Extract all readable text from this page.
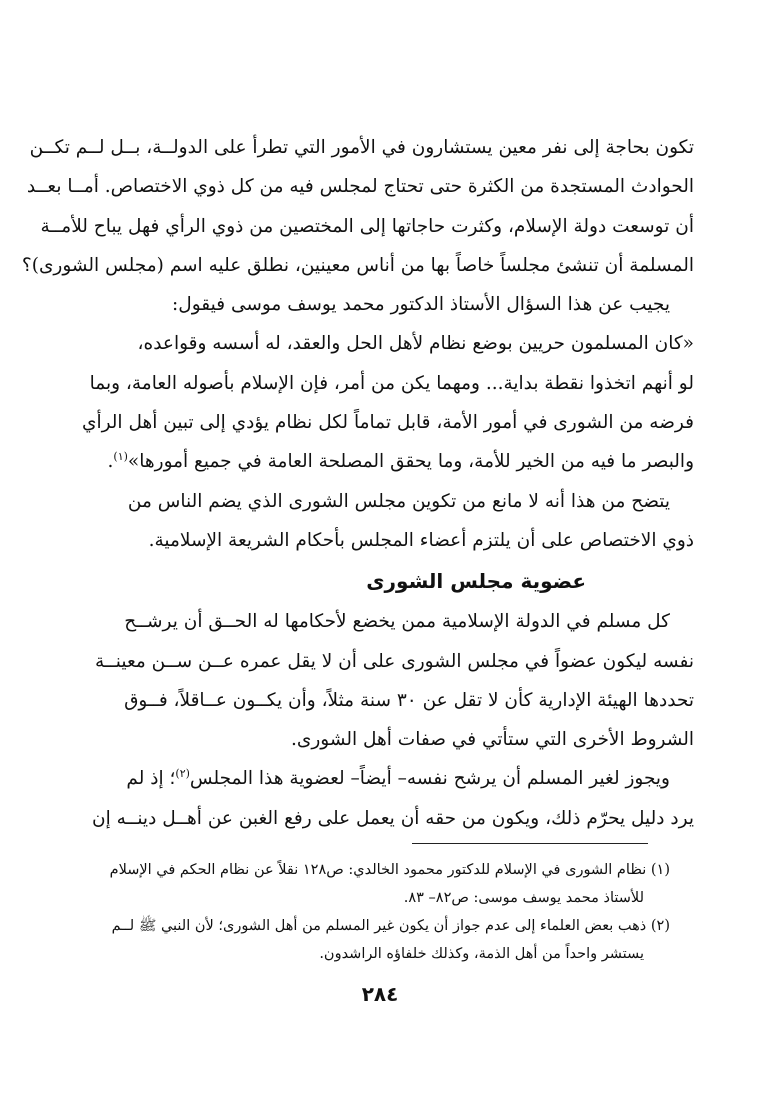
تكون بحاجة إلى نفر معين يستشارون في الأمور التي تطرأ على الدولــة، بــل لــم تكــن
الحوادث المستجدة من الكثرة حتى تحتاج لمجلس فيه من كل ذوي الاختصاص. أمــا بعــد
أن توسعت دولة الإسلام، وكثرت حاجاتها إلى المختصين من ذوي الرأي فهل يباح للأمــة
المسلمة أن تنشئ مجلساً خاصاً بها من أناس معينين، نطلق عليه اسم (مجلس الشورى)؟

يجيب عن هذا السؤال الأستاذ الدكتور محمد يوسف موسى فيقول:

«كان المسلمون حريين بوضع نظام لأهل الحل والعقد، له أسسه وقواعده،
لو أنهم اتخذوا نقطة بداية... ومهما يكن من أمر، فإن الإسلام بأصوله العامة، وبما
فرضه من الشورى في أمور الأمة، قابل تماماً لكل نظام يؤدي إلى تبين أهل الرأي
والبصر ما فيه من الخير للأمة، وما يحقق المصلحة العامة في جميع أمورها»$^{(١)}$.

يتضح من هذا أنه لا مانع من تكوين مجلس الشورى الذي يضم الناس من
ذوي الاختصاص على أن يلتزم أعضاء المجلس بأحكام الشريعة الإسلامية.

عضوية مجلس الشورى

كل مسلم في الدولة الإسلامية ممن يخضع لأحكامها له الحــق أن يرشــح
نفسه ليكون عضواً في مجلس الشورى على أن لا يقل عمره عــن ســن معينــة
تحددها الهيئة الإدارية كأن لا تقل عن ٣٠ سنة مثلاً، وأن يكــون عــاقلاً، فــوق
الشروط الأخرى التي ستأتي في صفات أهل الشورى.

ويجوز لغير المسلم أن يرشح نفسه– أيضاً– لعضوية هذا المجلس$^{(٢)}$؛ إذ لم
يرد دليل يحرّم ذلك، ويكون من حقه أن يعمل على رفع الغبن عن أهــل دينــه إن

(١) نظام الشورى في الإسلام للدكتور محمود الخالدي: ص١٢٨ نقلاً عن نظام الحكم في الإسلام
للأستاذ محمد يوسف موسى: ص٨٢– ٨٣.
(٢) ذهب بعض العلماء إلى عدم جواز أن يكون غير المسلم من أهل الشورى؛ لأن النبي ﷺ لــم
يستشر واحداً من أهل الذمة، وكذلك خلفاؤه الراشدون.
٢٨٤
